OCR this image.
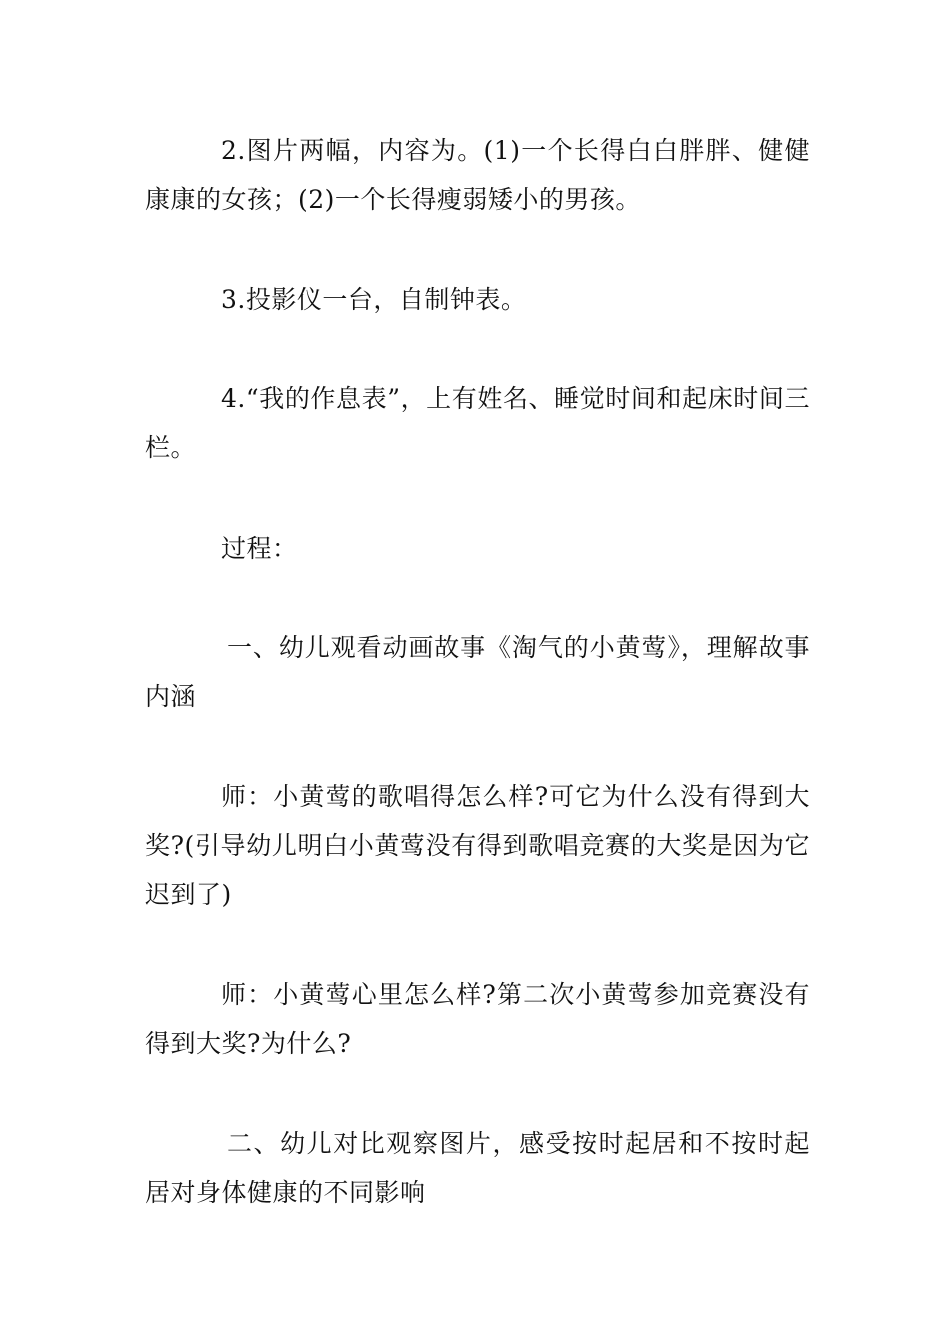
2.图片两幅，内容为。(1)一个长得白白胖胖、健健康康的女孩；(2)一个长得瘦弱矮小的男孩。

3.投影仪一台，自制钟表。

4.“我的作息表”，上有姓名、睡觉时间和起床时间三栏。

过程：

一、幼儿观看动画故事《淘气的小黄莺》，理解故事内涵

师：小黄莺的歌唱得怎么样?可它为什么没有得到大奖?(引导幼儿明白小黄莺没有得到歌唱竞赛的大奖是因为它迟到了)

师：小黄莺心里怎么样?第二次小黄莺参加竞赛没有得到大奖?为什么?

二、幼儿对比观察图片，感受按时起居和不按时起居对身体健康的不同影响
